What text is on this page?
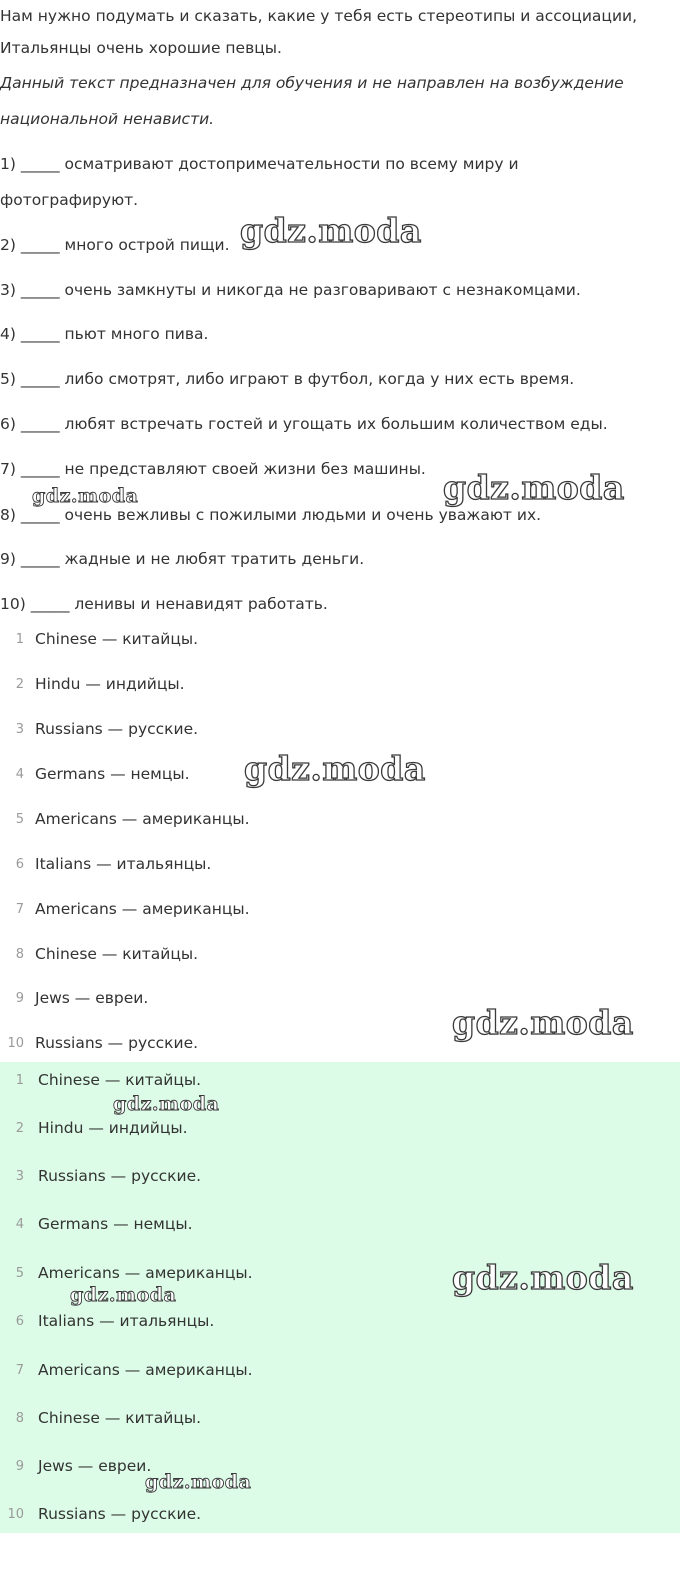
Нам нужно подумать и сказать, какие у тебя есть стереотипы и ассоциации,

Итальянцы очень хорошие певцы.

Данный текст предназначен для обучения и не направлен на возбуждение

национальной ненависти.

1) _____ осматривают достопримечательности по всему миру и

фотографируют.

2) _____ много острой пищи.

3) _____ очень замкнуты и никогда не разговаривают с незнакомцами.

4) _____ пьют много пива.

5) _____ либо смотрят, либо играют в футбол, когда у них есть время.

6) _____ любят встречать гостей и угощать их большим количеством еды.

7) _____ не представляют своей жизни без машины.

8) _____ очень вежливы с пожилыми людьми и очень уважают их.

9) _____ жадные и не любят тратить деньги.

10) _____ ленивы и ненавидят работать.

1 Chinese — китайцы.
2 Hindu — индийцы.
3 Russians — русские.
4 Germans — немцы.
5 Americans — американцы.
6 Italians — итальянцы.
7 Americans — американцы.
8 Chinese — китайцы.
9 Jews — евреи.
10 Russians — русские.
1 Chinese — китайцы.
2 Hindu — индийцы.
3 Russians — русские.
4 Germans — немцы.
5 Americans — американцы.
6 Italians — итальянцы.
7 Americans — американцы.
8 Chinese — китайцы.
9 Jews — евреи.
10 Russians — русские.
gdz.moda
gdz.moda
gdz.moda
gdz.moda
gdz.moda
gdz.moda
gdz.moda
gdz.moda
gdz.moda
